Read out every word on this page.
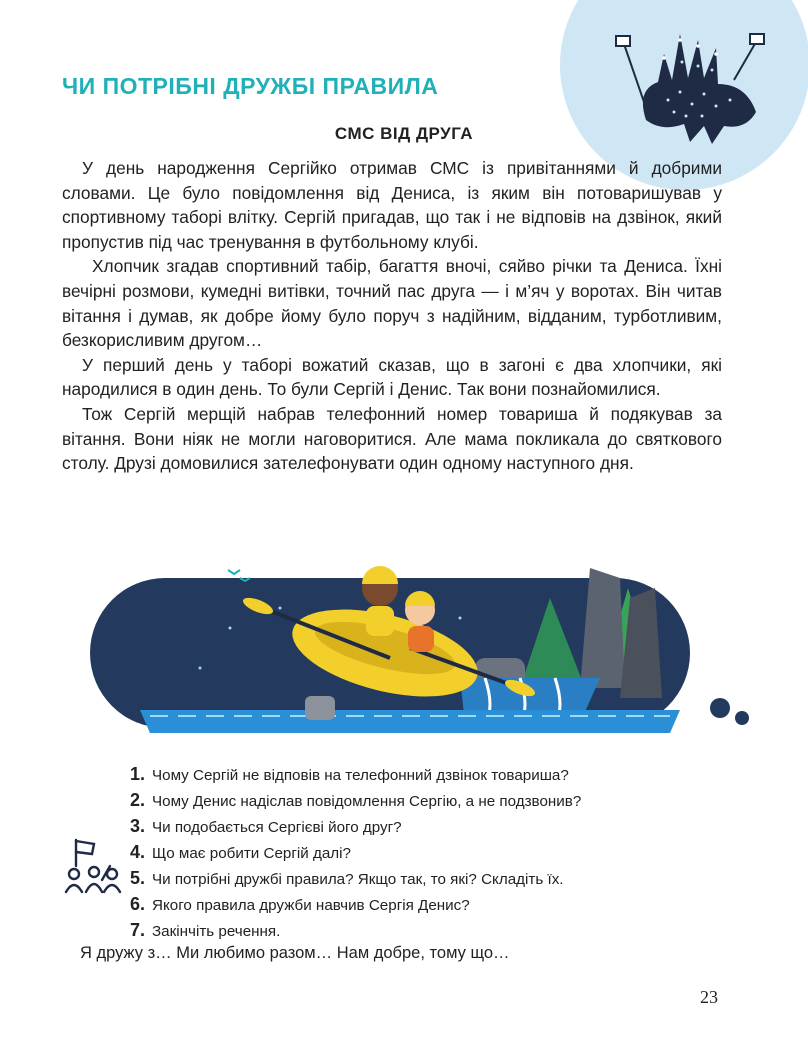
ЧИ ПОТРІБНІ ДРУЖБІ ПРАВИЛА
СМС ВІД ДРУГА

У день народження Сергійко отримав СМС із привітаннями й добрими словами. Це було повідомлення від Дениса, із яким він потоваришував у спортивному таборі влітку. Сергій пригадав, що так і не відповів на дзвінок, який пропустив під час тренування в футбольному клубі.

Хлопчик згадав спортивний табір, багаття вночі, сяйво річки та Дениса. Їхні вечірні розмови, кумедні витівки, точний пас друга — і м’яч у воротах. Він читав вітання і думав, як добре йому було поруч з надійним, відданим, турботливим, безкорисливим другом…

У перший день у таборі вожатий сказав, що в загоні є два хлопчики, які народилися в один день. То були Сергій і Денис. Так вони познайомилися.

Тож Сергій мерщій набрав телефонний номер товариша й подякував за вітання. Вони ніяк не могли наговоритися. Але мама покликала до святкового столу. Друзі домовилися зателефонувати один одному наступного дня.

1. Чому Сергій не відповів на телефонний дзвінок товариша?
2. Чому Денис надіслав повідомлення Сергію, а не подзвонив?
3. Чи подобається Сергієві його друг?
4. Що має робити Сергій далі?
5. Чи потрібні дружбі правила? Якщо так, то які? Складіть їх.
6. Якого правила дружби навчив Сергія Денис?
7. Закінчіть речення.

Я дружу з… Ми любимо разом… Нам добре, тому що…

23
